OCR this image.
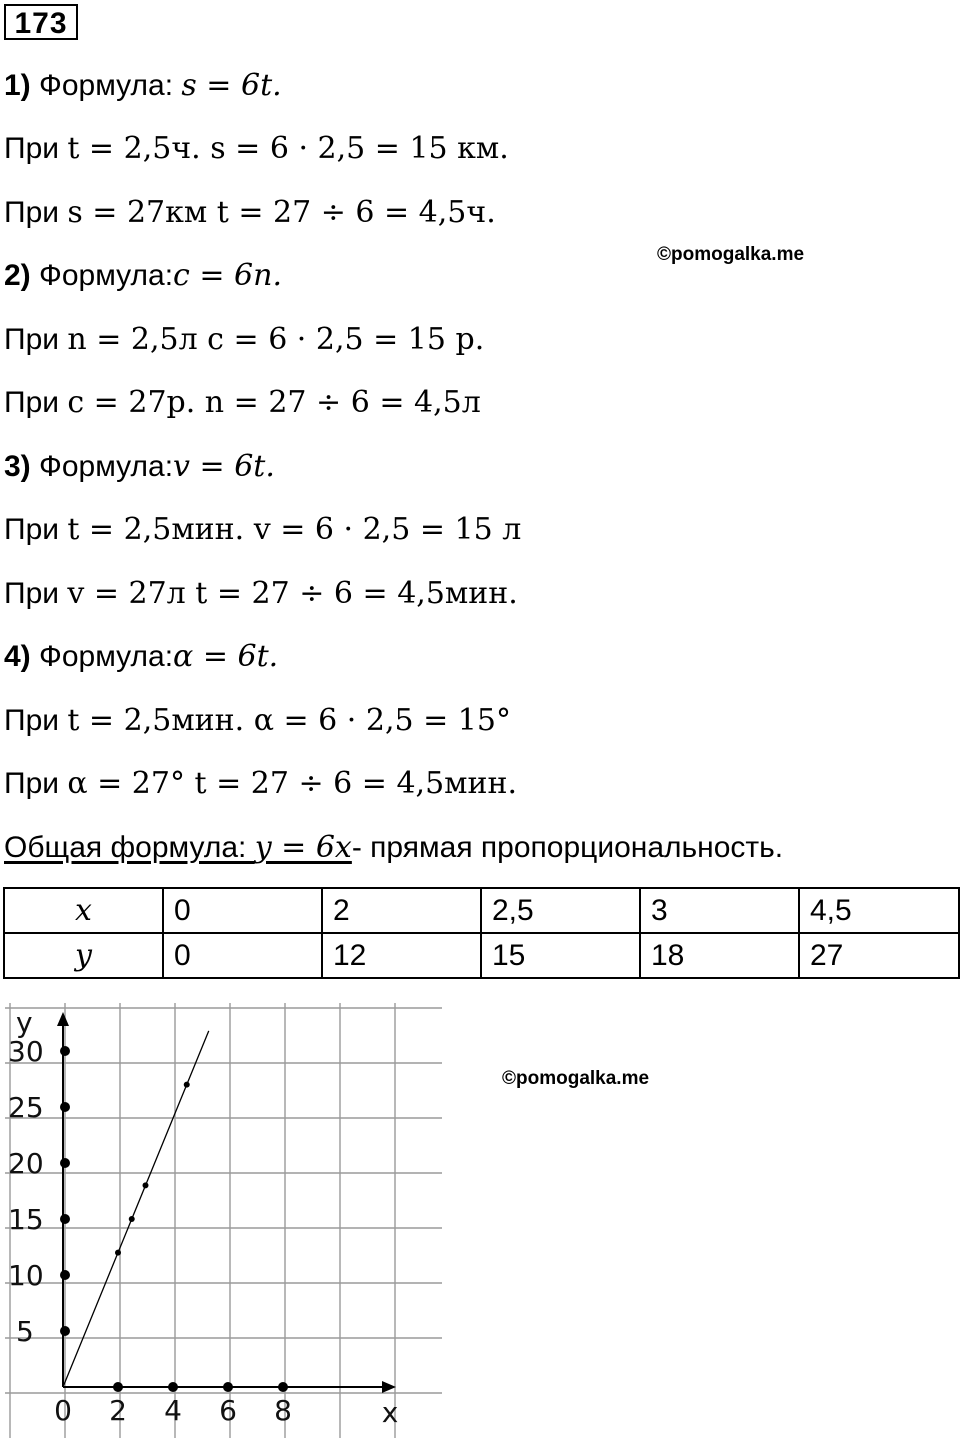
173
1) Формула: s = 6t.
При t = 2,5ч. s = 6 · 2,5 = 15 км.
При s = 27км t = 27 ÷ 6 = 4,5ч.
2) Формула:c = 6n.
При n = 2,5л c = 6 · 2,5 = 15 р.
При c = 27р. n = 27 ÷ 6 = 4,5л
3) Формула:v = 6t.
При t = 2,5мин. v = 6 · 2,5 = 15 л
При v = 27л t = 27 ÷ 6 = 4,5мин.
4) Формула:α = 6t.
При t = 2,5мин. α = 6 · 2,5 = 15°
При α = 27° t = 27 ÷ 6 = 4,5мин.
Общая формула: y = 6x- прямая пропорциональность.
©pomogalka.me
©pomogalka.me
x	0	2	2,5	3	4,5
y	0	12	15	18	27
0 2 4 6 8
5
10
15
20
25
30
x
y
